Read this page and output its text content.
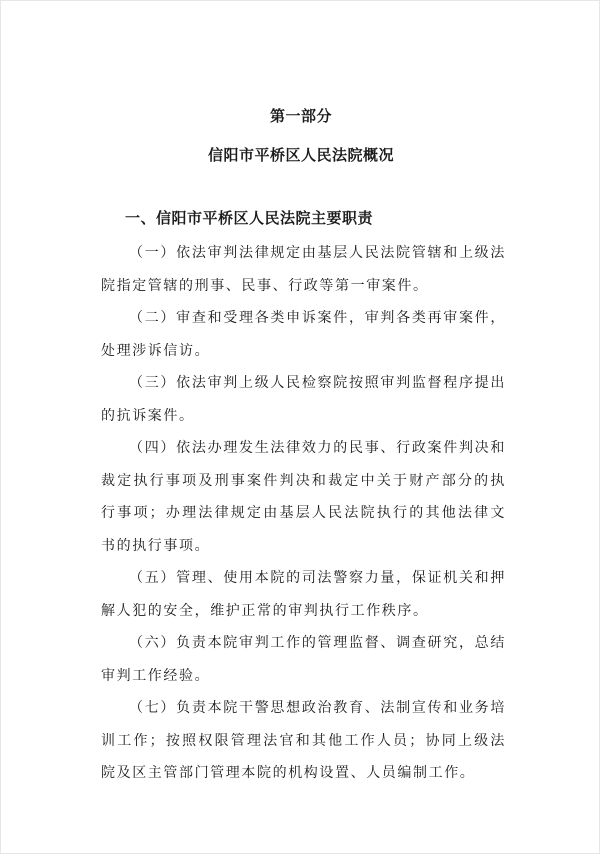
第一部分
信阳市平桥区人民法院概况
一、信阳市平桥区人民法院主要职责

（一）依法审判法律规定由基层人民法院管辖和上级法院指定管辖的刑事、民事、行政等第一审案件。

（二）审查和受理各类申诉案件，审判各类再审案件，处理涉诉信访。

（三）依法审判上级人民检察院按照审判监督程序提出的抗诉案件。

（四）依法办理发生法律效力的民事、行政案件判决和裁定执行事项及刑事案件判决和裁定中关于财产部分的执行事项；办理法律规定由基层人民法院执行的其他法律文书的执行事项。

（五）管理、使用本院的司法警察力量，保证机关和押解人犯的安全，维护正常的审判执行工作秩序。

（六）负责本院审判工作的管理监督、调查研究，总结审判工作经验。

（七）负责本院干警思想政治教育、法制宣传和业务培训工作；按照权限管理法官和其他工作人员；协同上级法院及区主管部门管理本院的机构设置、人员编制工作。
